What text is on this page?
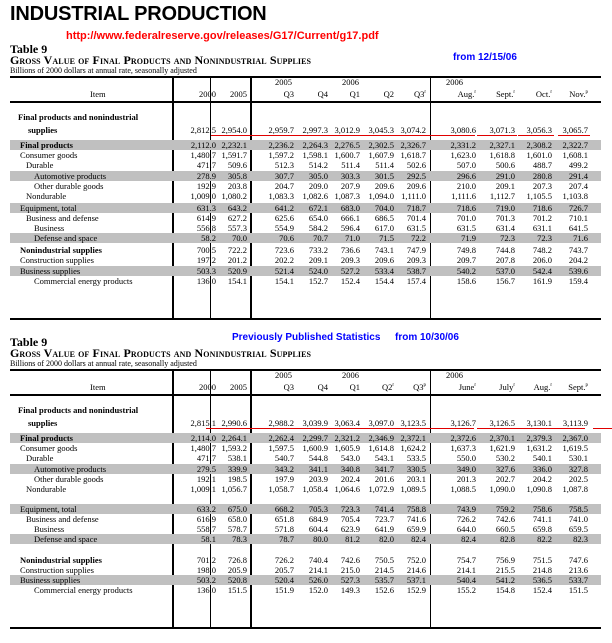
INDUSTRIAL PRODUCTION
http://www.federalreserve.gov/releases/G17/Current/g17.pdf
Table 9
Gross Value of Final Products and Nonindustrial Supplies
Billions of 2000 dollars at annual rate, seasonally adjusted
from 12/15/06
2005	2006	2006
Item	2000 2005	Q3	Q4	Q1	Q2 Q3$^r$	Aug.$^r$ Sept.$^r$ Oct.$^r$ Nov.$^p$
Final products and nonindustrial
supplies	2,812.5 2,954.0	2,959.7 2,997.3 3,012.9 3,045.3 3,074.2	3,080.6 3,071.3 3,056.3 3,065.7
Final products	2,112.0 2,232.1	2,236.2 2,264.3 2,276.5 2,302.5 2,326.7	2,331.2 2,327.1 2,308.2 2,322.7
Consumer goods	1,480.7 1,591.7	1,597.2 1,598.1 1,600.7 1,607.9 1,618.7	1,623.0 1,618.8 1,601.0 1,608.1
Durable	471.7 509.6	512.3 514.2 511.4 511.4 502.6	507.0 500.6 488.7 499.2
Automotive products	278.9 305.8	307.7 305.0 303.3 301.5 292.5	296.6 291.0 280.8 291.4
Other durable goods	192.9 203.8	204.7 209.0 207.9 209.6 209.6	210.0 209.1 207.3 207.4
Nondurable	1,009.0 1,080.2	1,083.3 1,082.6 1,087.3 1,094.0 1,111.0	1,111.6 1,112.7 1,105.5 1,103.8
Equipment, total	631.3 643.2	641.2 672.1 683.0 704.0 718.7	718.6 719.0 718.6 726.7
Business and defense	614.9 627.2	625.6 654.0 666.1 686.5 701.4	701.0 701.3 701.2 710.1
Business	556.8 557.3	554.9 584.2 596.4 617.0 631.5	631.5 631.4 631.1 641.5
Defense and space	58.2 70.0	70.6 70.7 71.0 71.5 72.2	71.9	72.3	72.3 71.6
Nonindustrial supplies	700.5 722.2	723.6 733.2 736.6 743.1 747.9	749.8 744.8 748.2 743.7
Construction supplies	197.2 201.2	202.2 209.1 209.3 209.6 209.3	209.7 207.8 206.0 204.2
Business supplies	503.3 520.9	521.4 524.0 527.2 533.4 538.7	540.2 537.0 542.4 539.6
Commercial energy products	136.0 154.1	154.1 152.7 152.4 154.4 157.4	158.6 156.7 161.9 159.4
Table 9
Gross Value of Final Products and Nonindustrial Supplies
Billions of 2000 dollars at annual rate, seasonally adjusted
Previously Published Statistics from 10/30/06
2005	2006	2006
Item	2000 2005	Q3	Q4	Q1	Q2$^r$ Q3$^p$	June$^r$	July$^r$ Aug.$^r$ Sept.$^p$
Final products and nonindustrial
supplies	2,815.1 2,990.6	2,988.2 3,039.9 3,063.4 3,097.0 3,123.5	3,126.7 3,126.5 3,130.1 3,113.9
Final products	2,114.0 2,264.1	2,262.4 2,299.7 2,321.2 2,346.9 2,372.1	2,372.6 2,370.1 2,379.3 2,367.0
Consumer goods	1,480.7 1,593.2	1,597.5 1,600.9 1,605.9 1,614.8 1,624.2	1,637.3 1,621.9 1,631.2 1,619.5
Durable	471.7 538.1	540.7 544.8 543.0 543.1 533.5	550.0 530.2 540.1 530.1
Automotive products	279.5 339.9	343.2 341.1 340.8 341.7 330.5	349.0 327.6 336.0 327.8
Other durable goods	192.1 198.5	197.9 203.9 202.4 201.6 203.1	201.3 202.7 204.2 202.5
Nondurable	1,009.1 1,056.7	1,058.7 1,058.4 1,064.6 1,072.9 1,089.5	1,088.5 1,090.0 1,090.8 1,087.8
Equipment, total	633.2 675.0	668.2 705.3 723.3 741.4 758.8	743.9 759.2 758.6 758.5
Business and defense	616.9 658.0	651.8 684.9 705.4 723.7 741.6	726.2 742.6 741.1 741.0
Business	558.7 578.7	571.8 604.4 623.9 641.9 659.9	644.0 660.5 659.8 659.5
Defense and space	58.1 78.3	78.7 80.0 81.2 82.0 82.4	82.4	82.8	82.2 82.3
Nonindustrial supplies	701.2 726.8	726.2 740.4 742.6 750.5 752.0	754.7 756.9 751.5 747.6
Construction supplies	198.0 205.9	205.7 214.1 215.0 214.5 214.6	214.1 215.5 214.8 213.6
Business supplies	503.2 520.8	520.4 526.0 527.3 535.7 537.1	540.4 541.2 536.5 533.7
Commercial energy products	136.0 151.5	151.9 152.0 149.3 152.6 152.9	155.2 154.8 152.4 151.5
